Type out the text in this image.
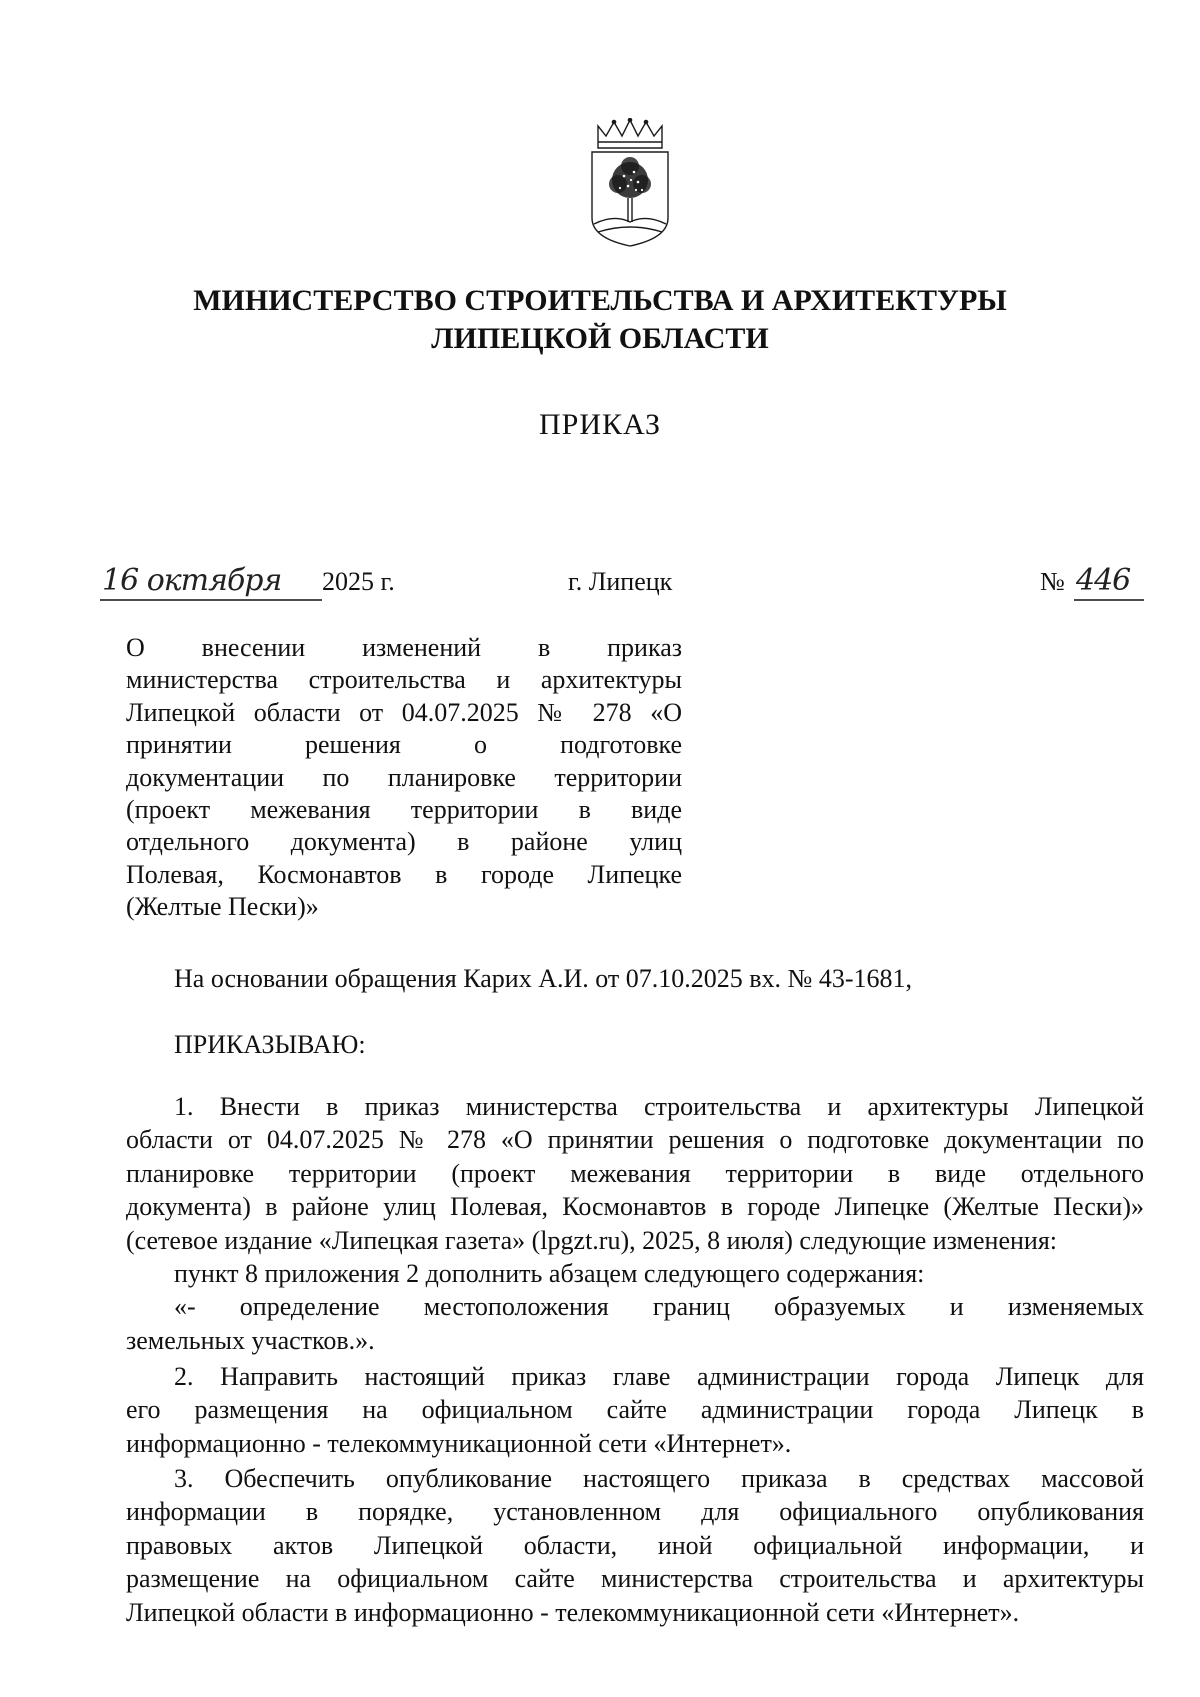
МИНИСТЕРСТВО СТРОИТЕЛЬСТВА И АРХИТЕКТУРЫ
ЛИПЕЦКОЙ ОБЛАСТИ
ПРИКАЗ
16 октября 2025 г.	г. Липецк	№ 446
О внесении изменений в приказ
министерства строительства и архитектуры
Липецкой области от 04.07.2025 № 278 «О
принятии решения о подготовке
документации по планировке территории
(проект межевания территории в виде
отдельного документа) в районе улиц
Полевая, Космонавтов в городе Липецке
(Желтые Пески)»
На основании обращения Карих А.И. от 07.10.2025 вх. № 43-1681,
ПРИКАЗЫВАЮ:
1. Внести в приказ министерства строительства и архитектуры Липецкой
области от 04.07.2025 № 278 «О принятии решения о подготовке документации по
планировке территории (проект межевания территории в виде отдельного
документа) в районе улиц Полевая, Космонавтов в городе Липецке (Желтые Пески)»
(сетевое издание «Липецкая газета» (lpgzt.ru), 2025, 8 июля) следующие изменения:
пункт 8 приложения 2 дополнить абзацем следующего содержания:
«- определение местоположения границ образуемых и изменяемых
земельных участков.».
2. Направить настоящий приказ главе администрации города Липецк для
его размещения на официальном сайте администрации города Липецк в
информационно - телекоммуникационной сети «Интернет».
3. Обеспечить опубликование настоящего приказа в средствах массовой
информации в порядке, установленном для официального опубликования
правовых актов Липецкой области, иной официальной информации, и
размещение на официальном сайте министерства строительства и архитектуры
Липецкой области в информационно - телекоммуникационной сети «Интернет».
